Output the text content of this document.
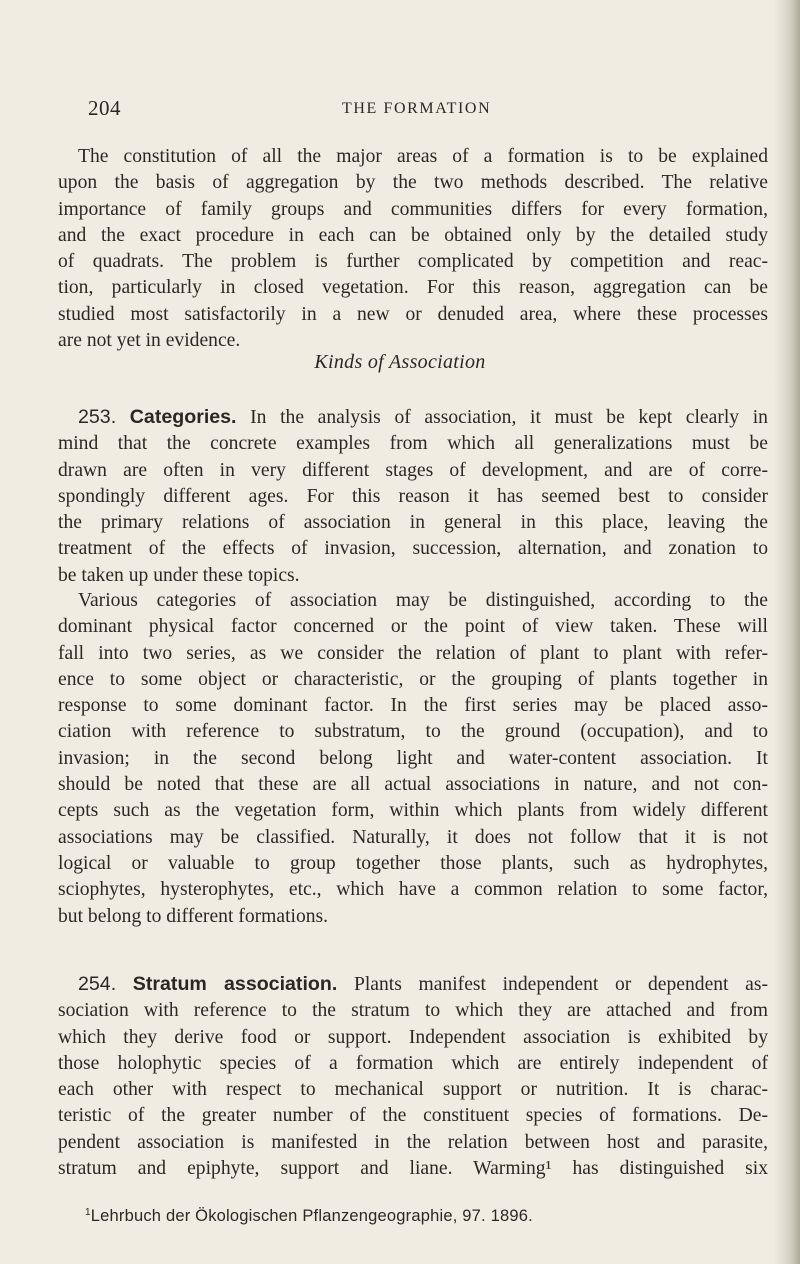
204	THE FORMATION
The constitution of all the major areas of a formation is to be explained
upon the basis of aggregation by the two methods described. The relative
importance of family groups and communities differs for every formation,
and the exact procedure in each can be obtained only by the detailed study
of quadrats. The problem is further complicated by competition and reac-
tion, particularly in closed vegetation. For this reason, aggregation can be
studied most satisfactorily in a new or denuded area, where these processes
are not yet in evidence.
Kinds of Association
253. Categories. In the analysis of association, it must be kept clearly in
mind that the concrete examples from which all generalizations must be
drawn are often in very different stages of development, and are of corre-
spondingly different ages. For this reason it has seemed best to consider
the primary relations of association in general in this place, leaving the
treatment of the effects of invasion, succession, alternation, and zonation to
be taken up under these topics.
Various categories of association may be distinguished, according to the
dominant physical factor concerned or the point of view taken. These will
fall into two series, as we consider the relation of plant to plant with refer-
ence to some object or characteristic, or the grouping of plants together in
response to some dominant factor. In the first series may be placed asso-
ciation with reference to substratum, to the ground (occupation), and to
invasion; in the second belong light and water-content association. It
should be noted that these are all actual associations in nature, and not con-
cepts such as the vegetation form, within which plants from widely different
associations may be classified. Naturally, it does not follow that it is not
logical or valuable to group together those plants, such as hydrophytes,
sciophytes, hysterophytes, etc., which have a common relation to some factor,
but belong to different formations.
254. Stratum association. Plants manifest independent or dependent as-
sociation with reference to the stratum to which they are attached and from
which they derive food or support. Independent association is exhibited by
those holophytic species of a formation which are entirely independent of
each other with respect to mechanical support or nutrition. It is charac-
teristic of the greater number of the constituent species of formations. De-
pendent association is manifested in the relation between host and parasite,
stratum and epiphyte, support and liane. Warming¹ has distinguished six
$^1$Lehrbuch der Ökologischen Pflanzengeographie, 97. 1896.
